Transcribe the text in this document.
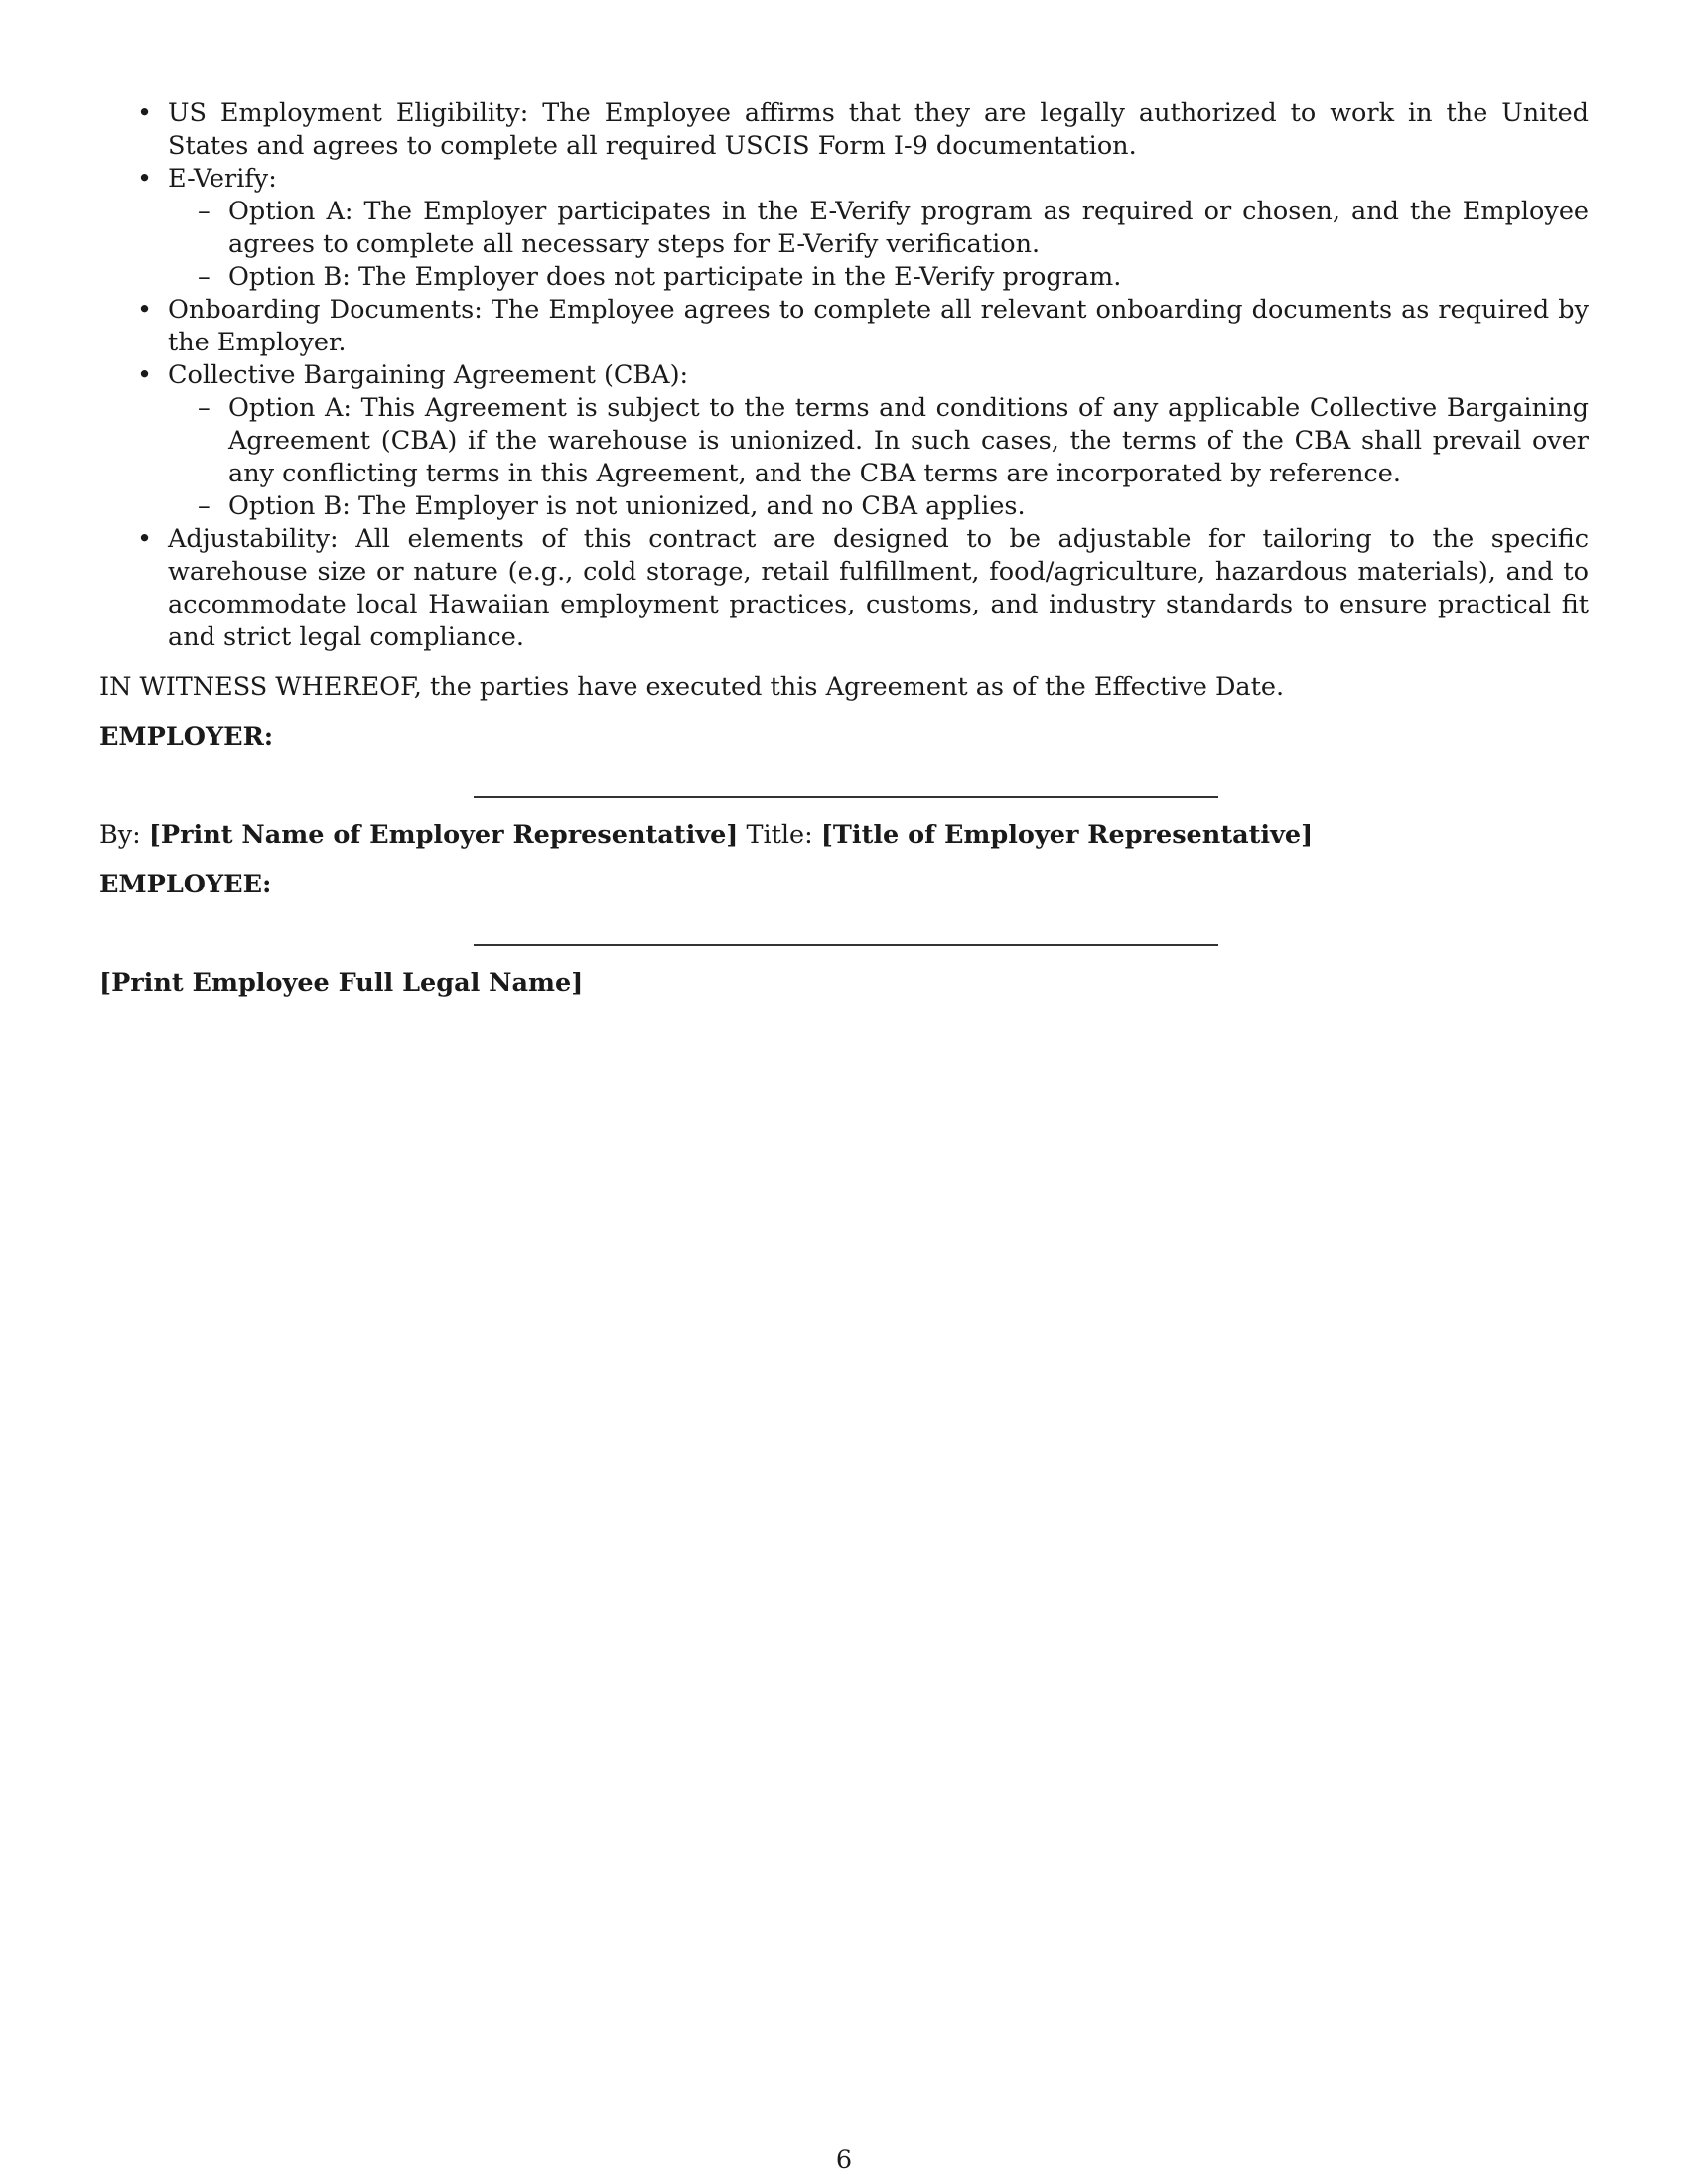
• US Employment Eligibility: The Employee affirms that they are legally authorized to work in the United States and agrees to complete all required USCIS Form I-9 documentation.
• E-Verify:
– Option A: The Employer participates in the E-Verify program as required or chosen, and the Employee agrees to complete all necessary steps for E-Verify verification.
– Option B: The Employer does not participate in the E-Verify program.
• Onboarding Documents: The Employee agrees to complete all relevant onboarding documents as required by the Employer.
• Collective Bargaining Agreement (CBA):
– Option A: This Agreement is subject to the terms and conditions of any applicable Collective Bargaining Agreement (CBA) if the warehouse is unionized. In such cases, the terms of the CBA shall prevail over any conflicting terms in this Agreement, and the CBA terms are incorporated by reference.
– Option B: The Employer is not unionized, and no CBA applies.
• Adjustability: All elements of this contract are designed to be adjustable for tailoring to the specific warehouse size or nature (e.g., cold storage, retail fulfillment, food/agriculture, hazardous materials), and to accommodate local Hawaiian employment practices, customs, and industry standards to ensure practical fit and strict legal compliance.
IN WITNESS WHEREOF, the parties have executed this Agreement as of the Effective Date.
EMPLOYER:
By: [Print Name of Employer Representative] Title: [Title of Employer Representative]
EMPLOYEE:
[Print Employee Full Legal Name]
6
